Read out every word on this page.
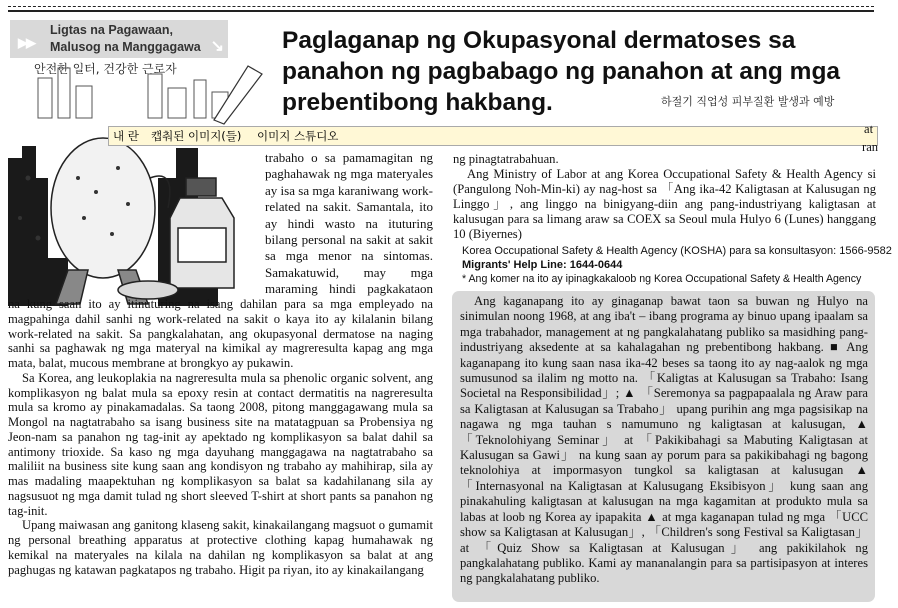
▶▶
Ligtas na Pagawaan,
Malusog na Manggagawa ↘
안전한 일터, 건강한 근로자
Paglaganap ng Okupasyonal dermatoses sa panahon ng pagbabago ng panahon at ang mga prebentibong hakbang.	하절기 직업성 피부질환 발생과 예방
내 란 캡춰된 이미지(들) 이미지 스튜디오	at
ran

trabaho o sa pamamagitan ng paghahawak ng mga materyales ay isa sa mga karaniwang work-related na sakit. Samantala, ito ay hindi wasto na ituturing bilang personal na sakit at sakit sa mga menor na sintomas. Samakatuwid, may mga maraming hindi pagkakataon

na kung saan ito ay itinuturing na isang dahilan para sa mga empleyado na magpahinga dahil sanhi ng work-related na sakit o kaya ito ay kilalanin bilang work-related na sakit. Sa pangkalahatan, ang okupasyonal dermatose na naging sanhi sa paghawak ng mga materyal na kimikal ay magreresulta kapag ang mga mata, balat, mucous membrane at brongkyo ay pukawin.

Sa Korea, ang leukoplakia na nagreresulta mula sa phenolic organic solvent, ang komplikasyon ng balat mula sa epoxy resin at contact dermatitis na nagreresulta mula sa kromo ay pinakamadalas. Sa taong 2008, pitong manggagawang mula sa Mongol na nagtatrabaho sa isang business site na matatagpuan sa Probensiya ng Jeon-nam sa panahon ng tag-init ay apektado ng komplikasyon sa balat dahil sa antimony trioxide. Sa kaso ng mga dayuhang manggagawa na nagtatrabaho sa maliliit na business site kung saan ang kondisyon ng trabaho ay mahihirap, sila ay mas madaling maapektuhan ng komplikasyon sa balat sa kadahilanang sila ay nagsusuot ng mga damit tulad ng short sleeved T-shirt at short pants sa panahon ng tag-init.

Upang maiwasan ang ganitong klaseng sakit, kinakailangang magsuot o gumamit ng personal breathing apparatus at protective clothing kapag humahawak ng kemikal na materyales na kilala na dahilan ng komplikasyon sa balat at ang paghugas ng katawan pagkatapos ng trabaho. Higit pa riyan, ito ay kinakailangang

ng pinagtatrabahuan.

Ang Ministry of Labor at ang Korea Occupational Safety & Health Agency si (Pangulong Noh-Min-ki) ay nag-host sa 「Ang ika-42 Kaligtasan at Kalusugan ng Linggo」, ang linggo na binigyang-diin ang pang-industriyang kaligtasan at kalusugan para sa limang araw sa COEX sa Seoul mula Hulyo 6 (Lunes) hanggang 10 (Biyernes)

Korea Occupational Safety & Health Agency (KOSHA) para sa konsultasyon: 1566-9582
Migrants' Help Line: 1644-0644
* Ang komer na ito ay ipinagkakaloob ng Korea Occupational Safety & Health Agency

Ang kaganapang ito ay ginaganap bawat taon sa buwan ng Hulyo na sinimulan noong 1968, at ang iba't – ibang programa ay binuo upang ipaalam sa mga trabahador, management at ng pangkalahatang publiko sa masidhing pang-industriyang aksedente at sa kahalagahan ng prebentibong hakbang. ■ Ang kaganapang ito kung saan nasa ika-42 beses sa taong ito ay nag-aalok ng mga sumusunod sa ilalim ng motto na. 「Kaligtas at Kalusugan sa Trabaho: Isang Societal na Responsibilidad」; ▲ 「Seremonya sa pagpapaalala ng Araw para sa Kaligtasan at Kalusugan sa Trabaho」 upang purihin ang mga pagsisikap na nagawa ng mga tauhan s namumuno ng kaligtasan at kalusugan, ▲「Teknolohiyang Seminar」 at 「Pakikibahagi sa Mabuting Kaligtasan at Kalusugan sa Gawi」 na kung saan ay porum para sa pakikibahagi ng bagong teknolohiya at impormasyon tungkol sa kaligtasan at kalusugan ▲ 「Internasyonal na Kaligtasan at Kalusugang Eksibisyon」 kung saan ang pinakahuling kaligtasan at kalusugan na mga kagamitan at produkto mula sa labas at loob ng Korea ay ipapakita ▲ at mga kaganapan tulad ng mga 「UCC show sa Kaligtasan at Kalusugan」, 「Children's song Festival sa Kaligtasan」 at 「Quiz Show sa Kaligtasan at Kalusugan」 ang pakikilahok ng pangkalahatang publiko. Kami ay mananalangin para sa partisipasyon at interes ng pangkalahatang publiko.
